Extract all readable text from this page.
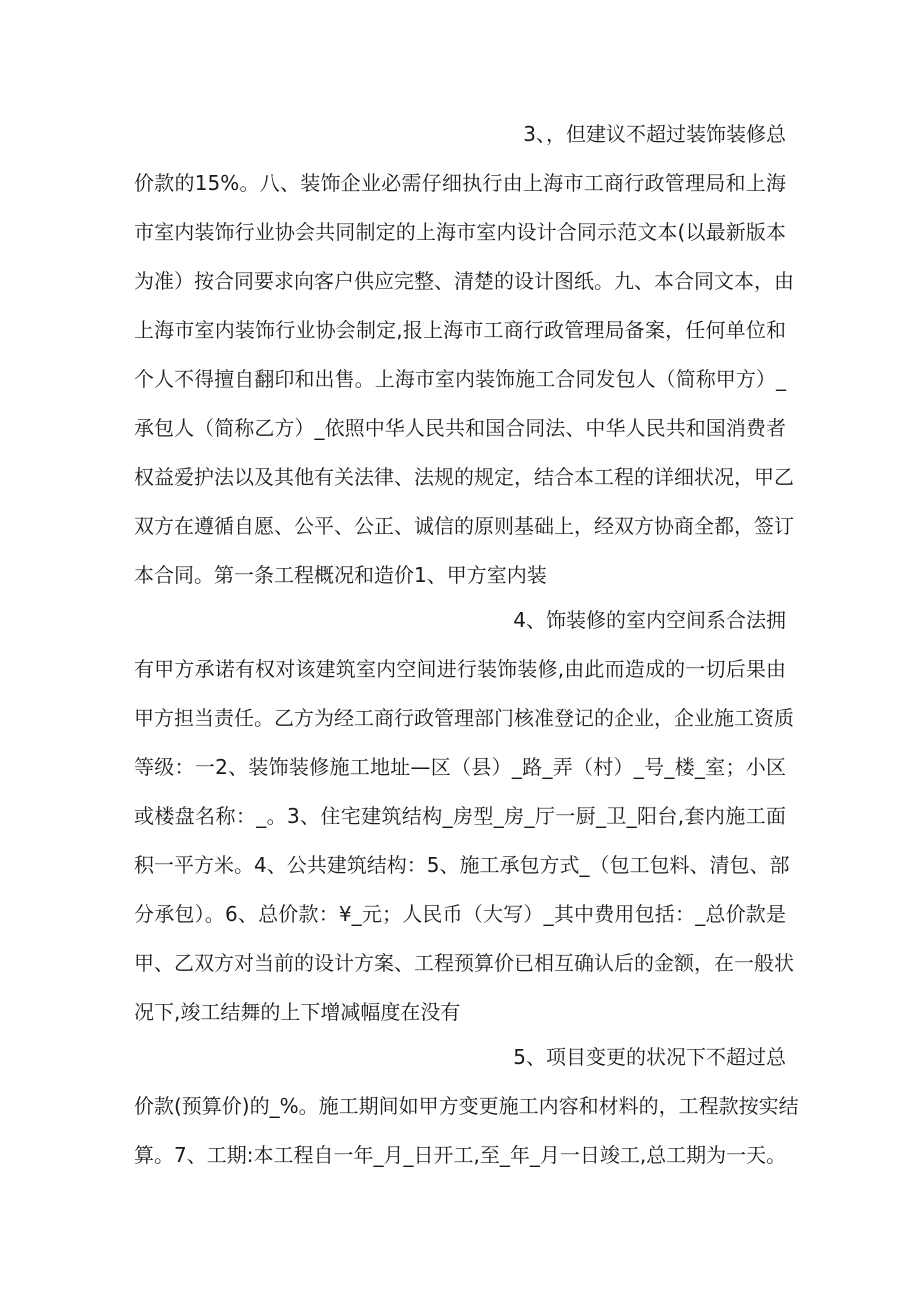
3、，但建议不超过装饰装修总
价款的15%。八、装饰企业必需仔细执行由上海市工商行政管理局和上海
市室内装饰行业协会共同制定的上海市室内设计合同示范文本(以最新版本
为准）按合同要求向客户供应完整、清楚的设计图纸。九、本合同文本，由
上海市室内装饰行业协会制定,报上海市工商行政管理局备案，任何单位和
个人不得擅自翻印和出售。上海市室内装饰施工合同发包人（简称甲方）_
承包人（简称乙方）_依照中华人民共和国合同法、中华人民共和国消费者
权益爱护法以及其他有关法律、法规的规定，结合本工程的详细状况，甲乙
双方在遵循自愿、公平、公正、诚信的原则基础上，经双方协商全都，签订
本合同。第一条工程概况和造价1、甲方室内装
4、饰装修的室内空间系合法拥
有甲方承诺有权对该建筑室内空间进行装饰装修,由此而造成的一切后果由
甲方担当责任。乙方为经工商行政管理部门核准登记的企业，企业施工资质
等级：一2、装饰装修施工地址—区（县）_路_弄（村）_号_楼_室；小区
或楼盘名称：_。3、住宅建筑结构_房型_房_厅一厨_卫_阳台,套内施工面
积一平方米。4、公共建筑结构：5、施工承包方式_（包工包料、清包、部
分承包）。6、总价款：¥_元；人民币（大写）_其中费用包括：_总价款是
甲、乙双方对当前的设计方案、工程预算价已相互确认后的金额，在一般状
况下,竣工结舞的上下增减幅度在没有
5、项目变更的状况下不超过总
价款(预算价)的_%。施工期间如甲方变更施工内容和材料的，工程款按实结
算。7、工期:本工程自一年_月_日开工,至_年_月一日竣工,总工期为一天。
